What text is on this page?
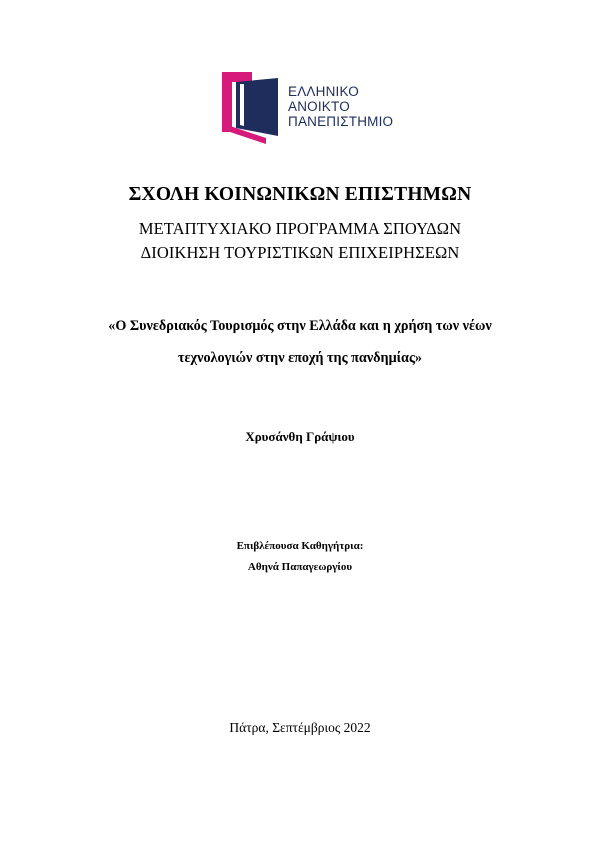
ΕΛΛΗΝΙΚΟ
ΑΝΟΙΚΤΟ
ΠΑΝΕΠΙΣΤΗΜΙΟ
ΣΧΟΛΗ ΚΟΙΝΩΝΙΚΩΝ ΕΠΙΣΤΗΜΩΝ
ΜΕΤΑΠΤΥΧΙΑΚΟ ΠΡΟΓΡΑΜΜΑ ΣΠΟΥΔΩΝ
ΔΙΟΙΚΗΣΗ ΤΟΥΡΙΣΤΙΚΩΝ ΕΠΙΧΕΙΡΗΣΕΩΝ
«Ο Συνεδριακός Τουρισμός στην Ελλάδα και η χρήση των νέων
τεχνολογιών στην εποχή της πανδημίας»
Χρυσάνθη Γράψιου
Επιβλέπουσα Καθηγήτρια:
Αθηνά Παπαγεωργίου
Πάτρα, Σεπτέμβριος 2022
